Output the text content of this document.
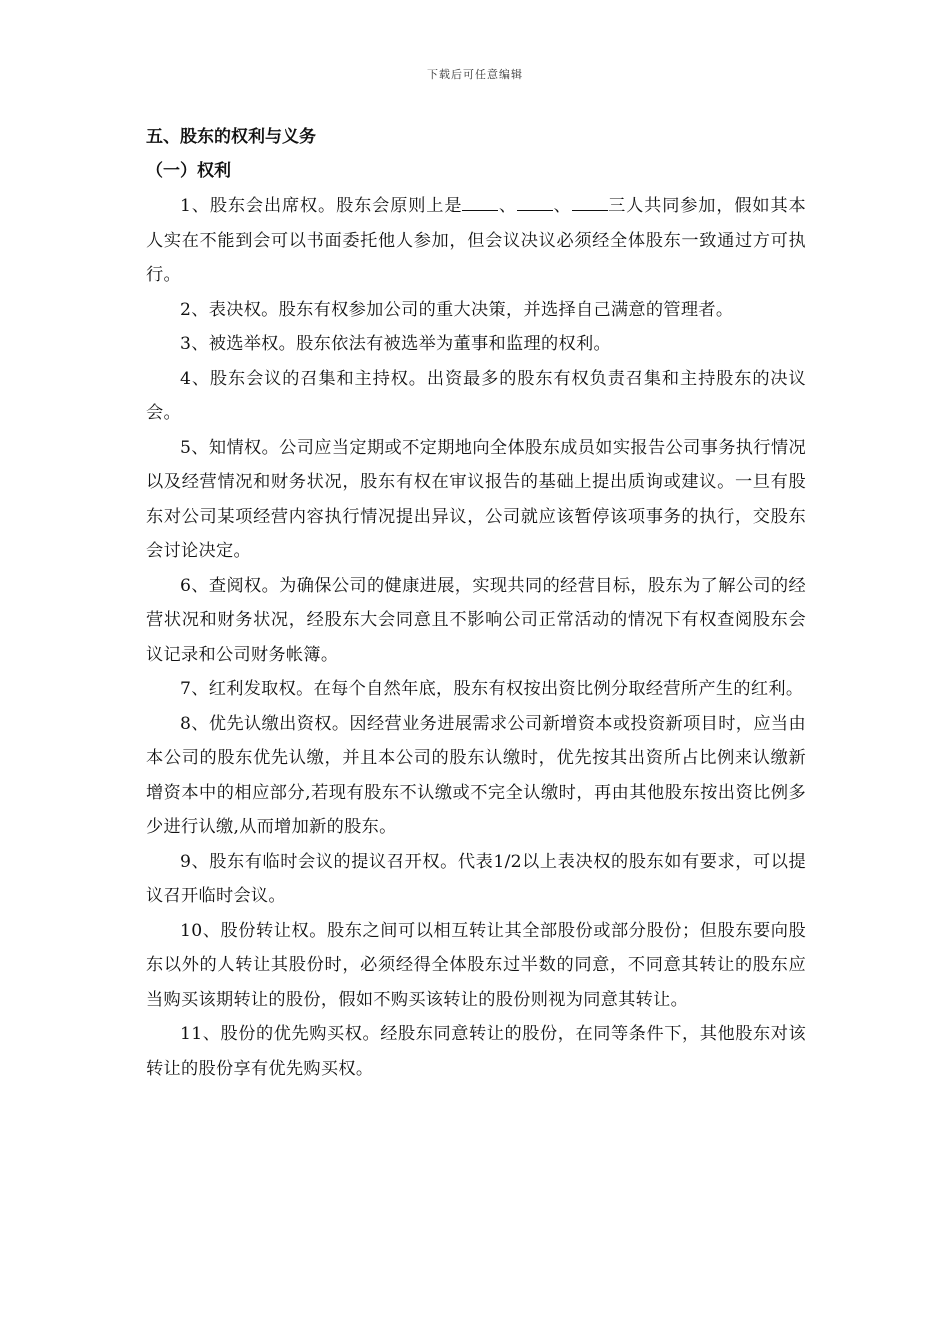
下载后可任意编辑

五、股东的权利与义务

（一）权利

1、股东会出席权。股东会原则上是 、 、 三人共同参加，假如其本人实在不能到会可以书面委托他人参加，但会议决议必须经全体股东一致通过方可执行。

2、表决权。股东有权参加公司的重大决策，并选择自己满意的管理者。

3、被选举权。股东依法有被选举为董事和监理的权利。

4、股东会议的召集和主持权。出资最多的股东有权负责召集和主持股东的决议会。

5、知情权。公司应当定期或不定期地向全体股东成员如实报告公司事务执行情况以及经营情况和财务状况，股东有权在审议报告的基础上提出质询或建议。一旦有股东对公司某项经营内容执行情况提出异议，公司就应该暂停该项事务的执行，交股东会讨论决定。

6、查阅权。为确保公司的健康进展，实现共同的经营目标，股东为了解公司的经营状况和财务状况，经股东大会同意且不影响公司正常活动的情况下有权查阅股东会议记录和公司财务帐簿。

7、红利发取权。在每个自然年底，股东有权按出资比例分取经营所产生的红利。

8、优先认缴出资权。因经营业务进展需求公司新增资本或投资新项目时，应当由本公司的股东优先认缴，并且本公司的股东认缴时，优先按其出资所占比例来认缴新增资本中的相应部分,若现有股东不认缴或不完全认缴时，再由其他股东按出资比例多少进行认缴,从而增加新的股东。

9、股东有临时会议的提议召开权。代表1/2以上表决权的股东如有要求，可以提议召开临时会议。

10、股份转让权。股东之间可以相互转让其全部股份或部分股份；但股东要向股东以外的人转让其股份时，必须经得全体股东过半数的同意，不同意其转让的股东应当购买该期转让的股份，假如不购买该转让的股份则视为同意其转让。

11、股份的优先购买权。经股东同意转让的股份，在同等条件下，其他股东对该转让的股份享有优先购买权。
